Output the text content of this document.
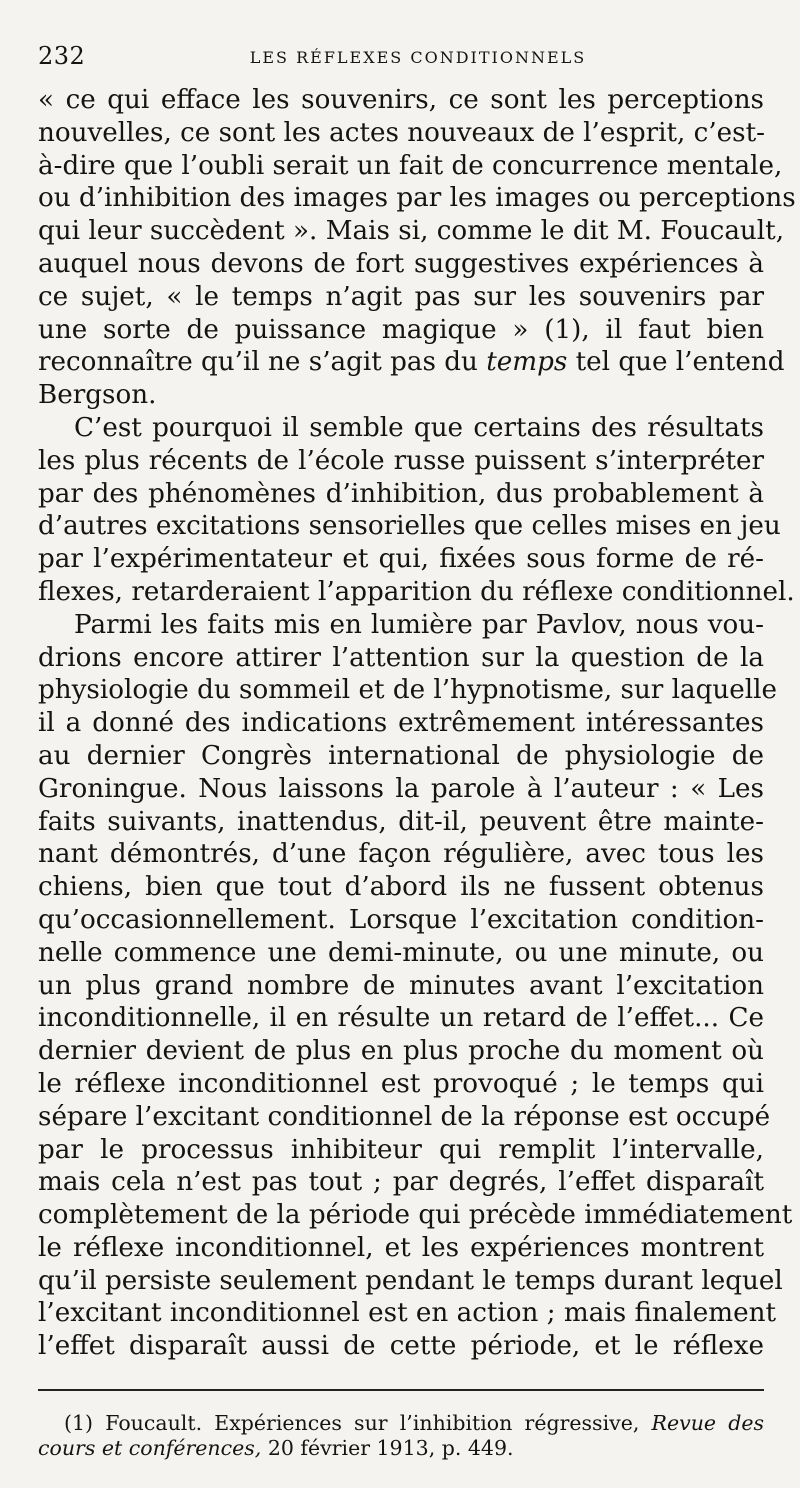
232	LES RÉFLEXES CONDITIONNELS
« ce qui efface les souvenirs, ce sont les perceptions
nouvelles, ce sont les actes nouveaux de l’esprit, c’est-
à-dire que l’oubli serait un fait de concurrence mentale,
ou d’inhibition des images par les images ou perceptions
qui leur succèdent ». Mais si, comme le dit M. Foucault,
auquel nous devons de fort suggestives expériences à
ce sujet, « le temps n’agit pas sur les souvenirs par
une sorte de puissance magique » (1), il faut bien
reconnaître qu’il ne s’agit pas du temps tel que l’entend
Bergson.
C’est pourquoi il semble que certains des résultats
les plus récents de l’école russe puissent s’interpréter
par des phénomènes d’inhibition, dus probablement à
d’autres excitations sensorielles que celles mises en jeu
par l’expérimentateur et qui, fixées sous forme de ré-
flexes, retarderaient l’apparition du réflexe conditionnel.
Parmi les faits mis en lumière par Pavlov, nous vou-
drions encore attirer l’attention sur la question de la
physiologie du sommeil et de l’hypnotisme, sur laquelle
il a donné des indications extrêmement intéressantes
au dernier Congrès international de physiologie de
Groningue. Nous laissons la parole à l’auteur : « Les
faits suivants, inattendus, dit-il, peuvent être mainte-
nant démontrés, d’une façon régulière, avec tous les
chiens, bien que tout d’abord ils ne fussent obtenus
qu’occasionnellement. Lorsque l’excitation condition-
nelle commence une demi-minute, ou une minute, ou
un plus grand nombre de minutes avant l’excitation
inconditionnelle, il en résulte un retard de l’effet... Ce
dernier devient de plus en plus proche du moment où
le réflexe inconditionnel est provoqué ; le temps qui
sépare l’excitant conditionnel de la réponse est occupé
par le processus inhibiteur qui remplit l’intervalle,
mais cela n’est pas tout ; par degrés, l’effet disparaît
complètement de la période qui précède immédiatement
le réflexe inconditionnel, et les expériences montrent
qu’il persiste seulement pendant le temps durant lequel
l’excitant inconditionnel est en action ; mais finalement
l’effet disparaît aussi de cette période, et le réflexe
(1) Foucault. Expériences sur l’inhibition régressive, Revue des
cours et conférences, 20 février 1913, p. 449.
